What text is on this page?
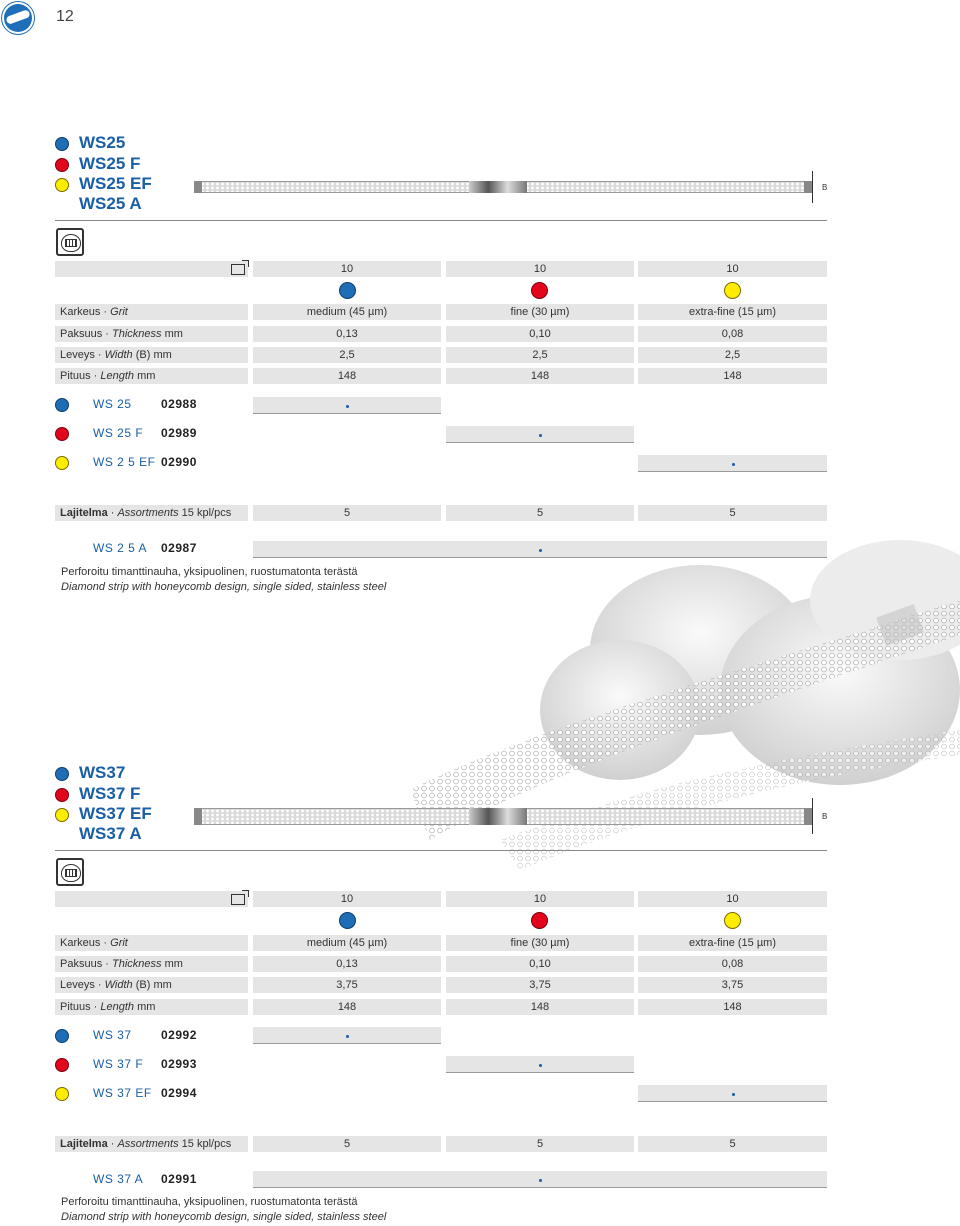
12
WS25
WS25 F
WS25 EF
WS25 A
B
10	10	10
Karkeus · Grit	medium (45 µm)	fine (30 µm)	extra-fine (15 µm)
Paksuus · Thickness mm	0,13	0,10	0,08
Leveys · Width (B) mm	2,5	2,5	2,5
Pituus · Length mm	148	148	148
WS 25 02988
WS 25 F 02989
WS 2 5 EF 02990
Lajitelma · Assortments 15 kpl/pcs	5	5	5
WS 2 5 A 02987
Perforoitu timanttinauha, yksipuolinen, ruostumatonta terästä
Diamond strip with honeycomb design, single sided, stainless steel
WS37
WS37 F
WS37 EF
WS37 A
B
10	10	10
Karkeus · Grit	medium (45 µm)	fine (30 µm)	extra-fine (15 µm)
Paksuus · Thickness mm	0,13	0,10	0,08
Leveys · Width (B) mm	3,75	3,75	3,75
Pituus · Length mm	148	148	148
WS 37 02992
WS 37 F 02993
WS 37 EF 02994
Lajitelma · Assortments 15 kpl/pcs	5	5	5
WS 37 A 02991
Perforoitu timanttinauha, yksipuolinen, ruostumatonta terästä
Diamond strip with honeycomb design, single sided, stainless steel
